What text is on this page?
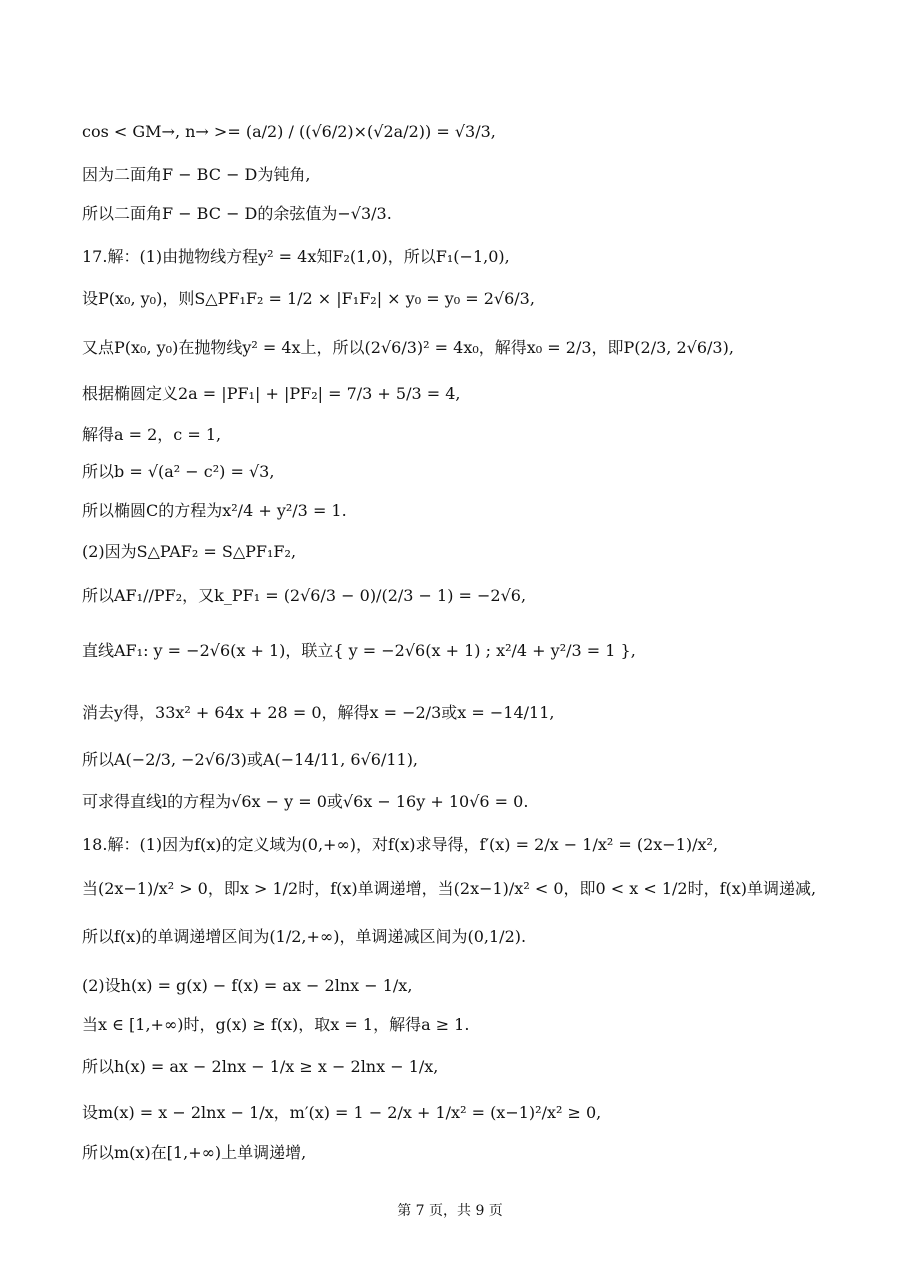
cos < GM→, n→ >= (a/2) / ((√6/2)×(√2a/2)) = √3/3,
因为二面角F − BC − D为钝角,
所以二面角F − BC − D的余弦值为−√3/3.
17.解：(1)由抛物线方程y² = 4x知F₂(1,0)，所以F₁(−1,0),
设P(x₀, y₀)，则S△PF₁F₂ = 1/2 × |F₁F₂| × y₀ = y₀ = 2√6/3,
又点P(x₀, y₀)在抛物线y² = 4x上，所以(2√6/3)² = 4x₀，解得x₀ = 2/3，即P(2/3, 2√6/3),
根据椭圆定义2a = |PF₁| + |PF₂| = 7/3 + 5/3 = 4,
解得a = 2，c = 1,
所以b = √(a² − c²) = √3,
所以椭圆C的方程为x²/4 + y²/3 = 1.
(2)因为S△PAF₂ = S△PF₁F₂,
所以AF₁//PF₂，又k_PF₁ = (2√6/3 − 0)/(2/3 − 1) = −2√6,
直线AF₁: y = −2√6(x + 1)，联立{ y = −2√6(x + 1) ; x²/4 + y²/3 = 1 },
消去y得，33x² + 64x + 28 = 0，解得x = −2/3或x = −14/11,
所以A(−2/3, −2√6/3)或A(−14/11, 6√6/11),
可求得直线l的方程为√6x − y = 0或√6x − 16y + 10√6 = 0.
18.解：(1)因为f(x)的定义域为(0,+∞)，对f(x)求导得，f′(x) = 2/x − 1/x² = (2x−1)/x²,
当(2x−1)/x² > 0，即x > 1/2时，f(x)单调递增，当(2x−1)/x² < 0，即0 < x < 1/2时，f(x)单调递减,
所以f(x)的单调递增区间为(1/2,+∞)，单调递减区间为(0,1/2).
(2)设h(x) = g(x) − f(x) = ax − 2lnx − 1/x,
当x ∈ [1,+∞)时，g(x) ≥ f(x)，取x = 1，解得a ≥ 1.
所以h(x) = ax − 2lnx − 1/x ≥ x − 2lnx − 1/x,
设m(x) = x − 2lnx − 1/x，m′(x) = 1 − 2/x + 1/x² = (x−1)²/x² ≥ 0,
所以m(x)在[1,+∞)上单调递增,
第 7 页，共 9 页
